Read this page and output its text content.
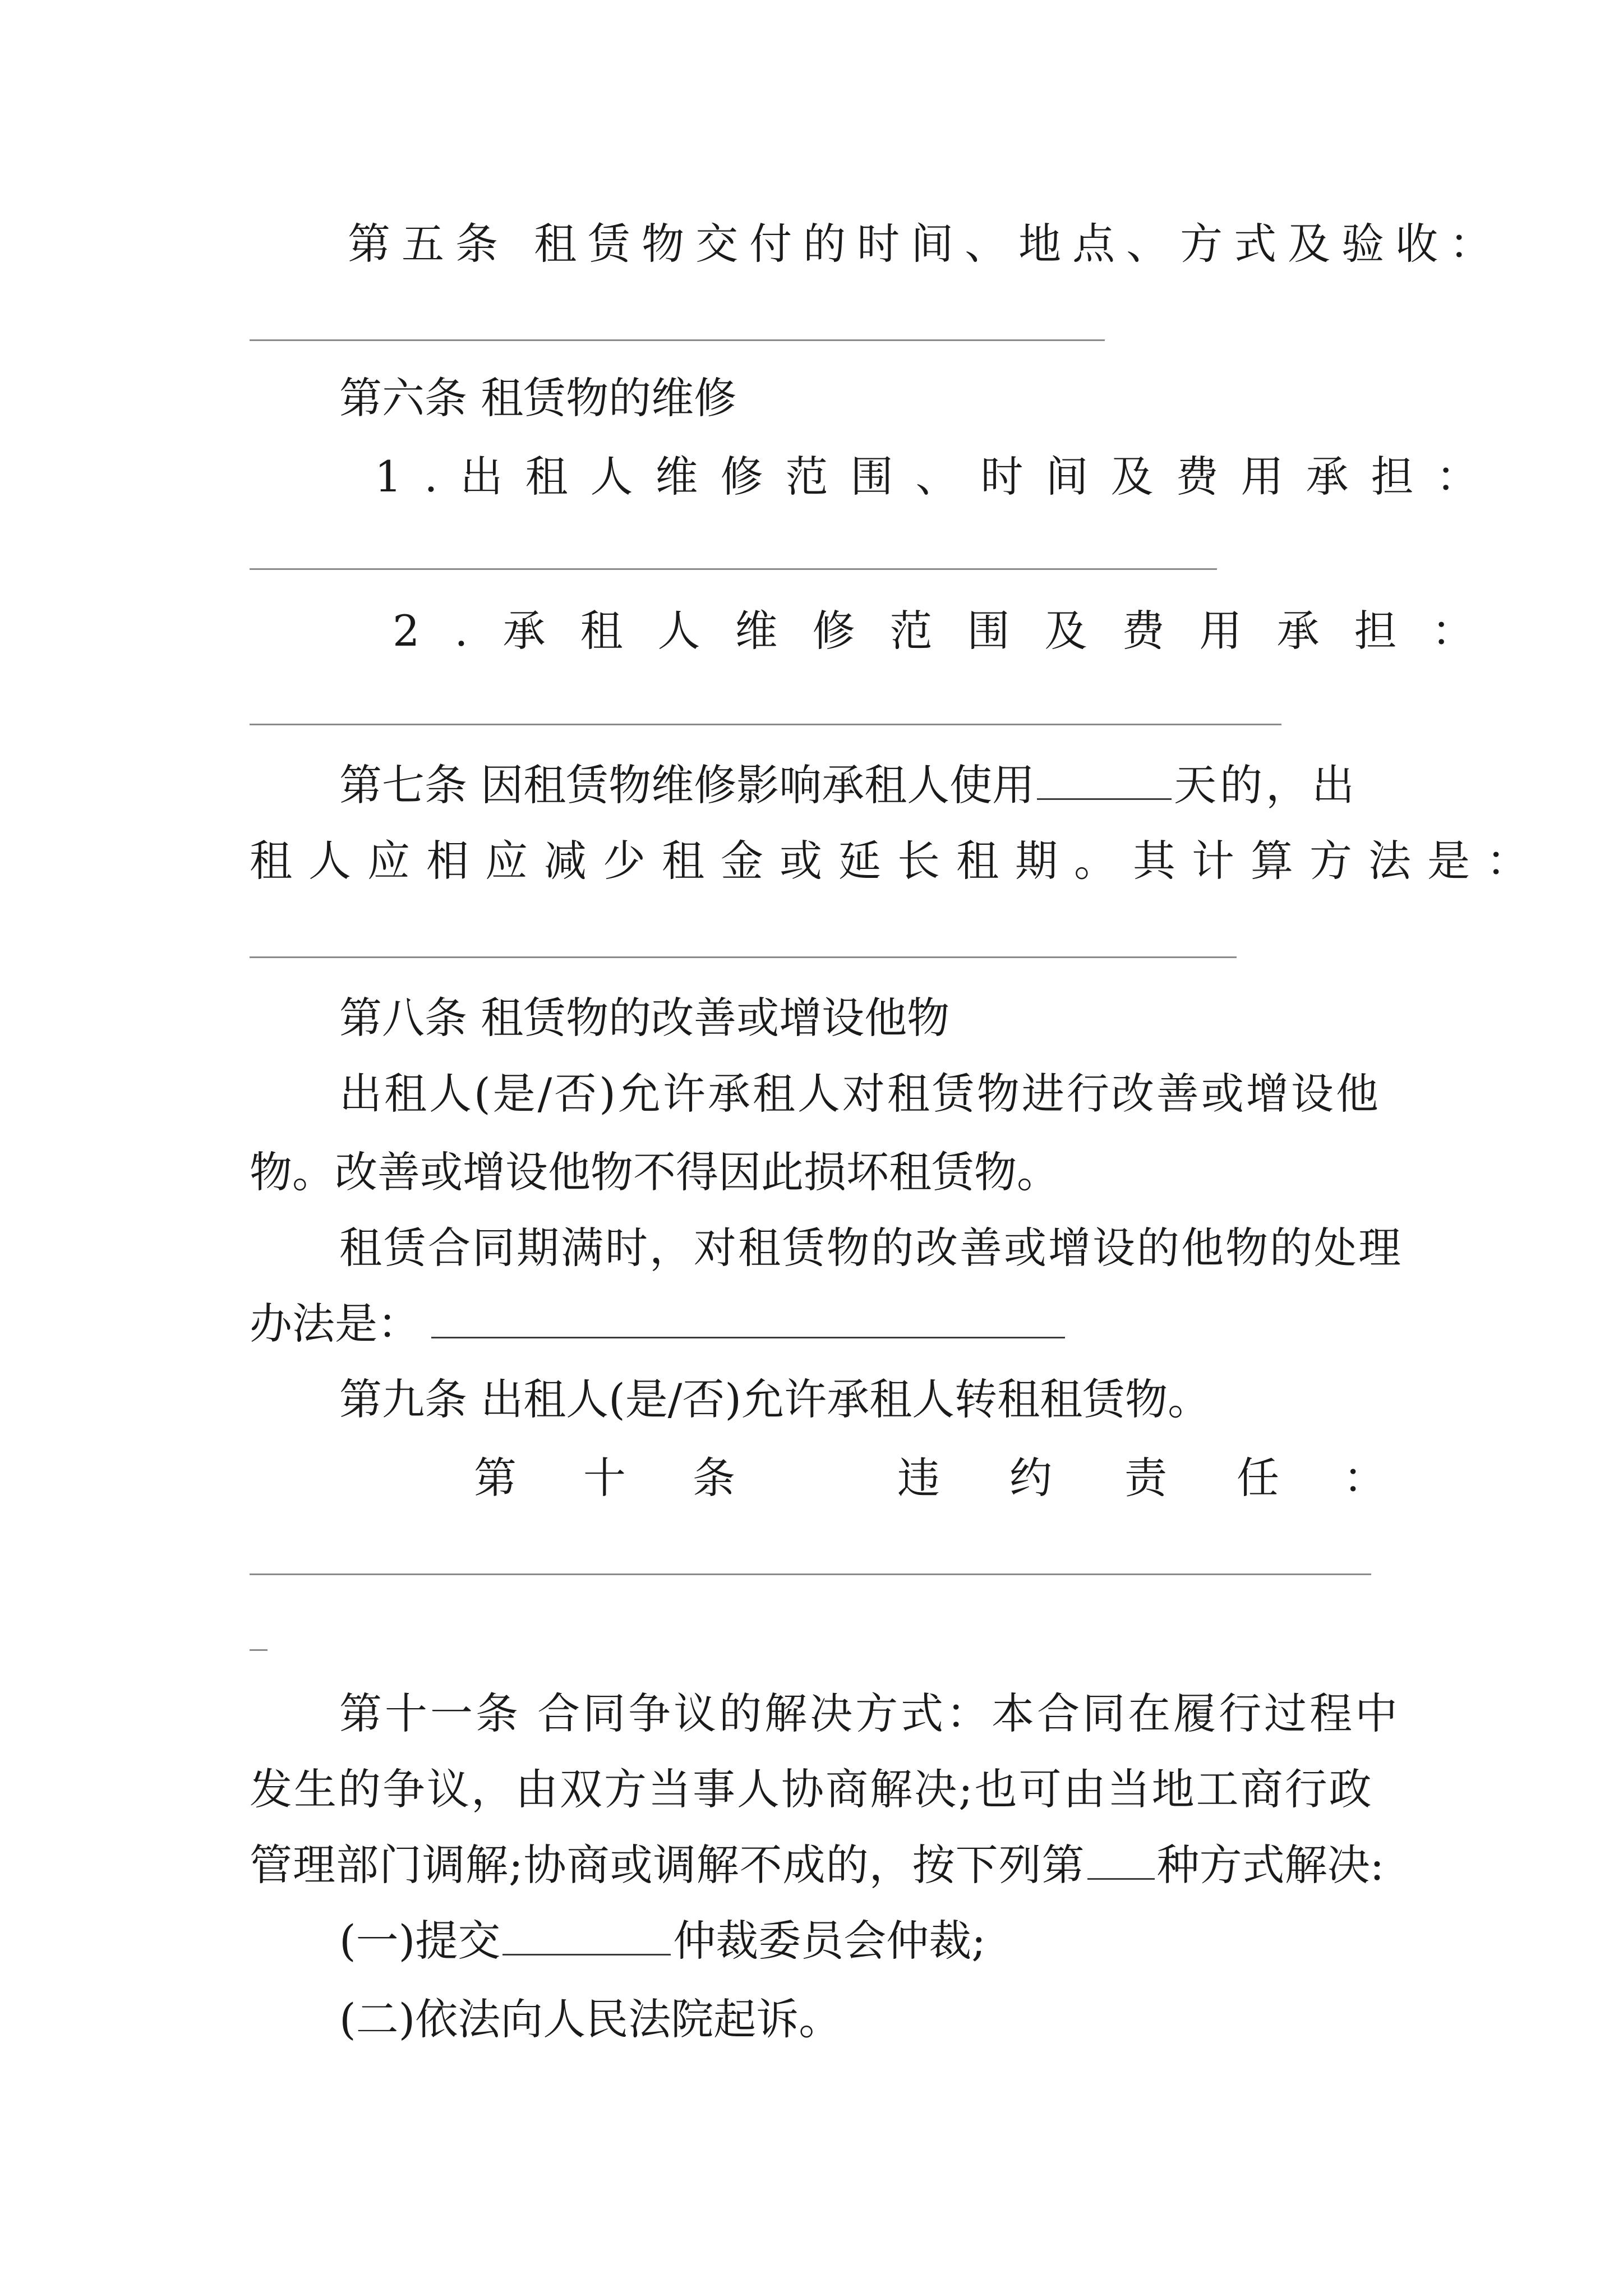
第五条 租赁物交付的时间、地点、方式及验收：
第六条 租赁物的维修
1.出租人维修范围、时间及费用承担：
2.承租人维修范围及费用承担：
第七条 因租赁物维修影响承租人使用	天的，出
租人应相应减少租金或延长租期。其计算方法是：
第八条 租赁物的改善或增设他物
出租人(是/否)允许承租人对租赁物进行改善或增设他
物。改善或增设他物不得因此损坏租赁物。
租赁合同期满时，对租赁物的改善或增设的他物的处理
办法是：
第九条 出租人(是/否)允许承租人转租租赁物。
第 十 条	违 约 责 任 ：
第十一条 合同争议的解决方式：本合同在履行过程中
发生的争议，由双方当事人协商解决;也可由当地工商行政
管理部门调解;协商或调解不成的，按下列第 种方式解决:
(一)提交	仲裁委员会仲裁;
(二)依法向人民法院起诉。
